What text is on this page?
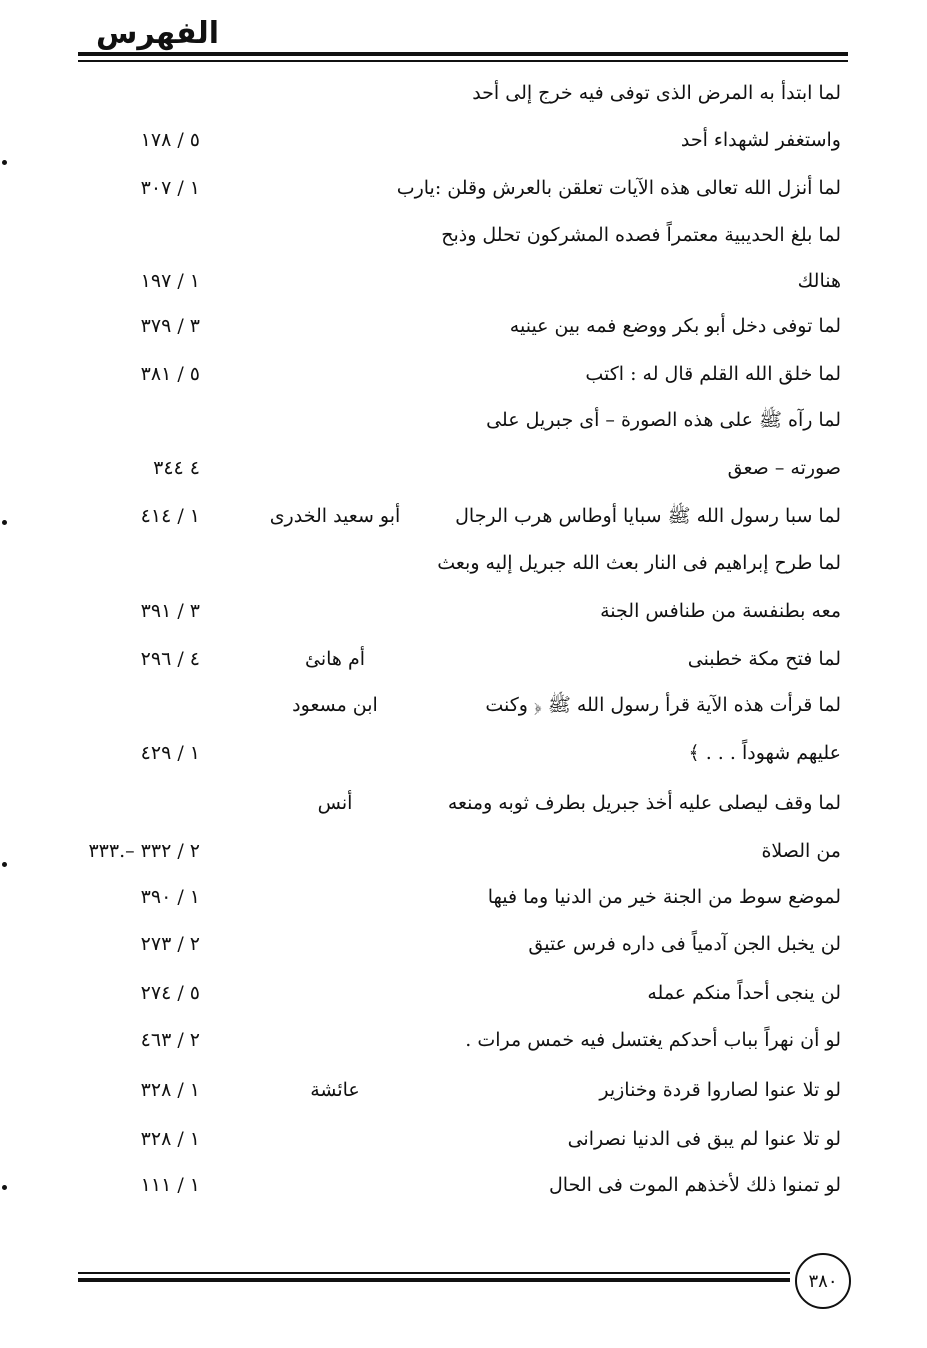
الفهرس
لما ابتدأ به المرض الذى توفى فيه خرج إلى أحد
واستغفر لشهداء أحد
٥ / ١٧٨
لما أنزل الله تعالى هذه الآيات تعلقن بالعرش وقلن :يارب
١ / ٣٠٧
لما بلغ الحديبية معتمراً فصده المشركون تحلل وذبح
هنالك
١ / ١٩٧
لما توفى دخل أبو بكر ووضع فمه بين عينيه
٣ / ٣٧٩
لما خلق الله القلم قال له : اكتب
٥ / ٣٨١
لما رآه ﷺ على هذه الصورة – أى جبريل على
صورته – صعق
٤ ٣٤٤
لما سبا رسول الله ﷺ سبايا أوطاس هرب الرجال
أبو سعيد الخدرى
١ / ٤١٤
لما طرح إبراهيم فى النار بعث الله جبريل إليه وبعث
معه بطنفسة من طنافس الجنة
٣ / ٣٩١
لما فتح مكة خطبنى
أم هانئ
٤ / ٢٩٦
لما قرأت هذه الآية قرأ رسول الله ﷺ ﴿ وكنت
ابن مسعود
عليهم شهوداً . . . ﴾
١ / ٤٢٩
لما وقف ليصلى عليه أخذ جبريل بطرف ثوبه ومنعه
أنس
من الصلاة
٢ / ٣٣٢ –.٣٣٣
لموضع سوط من الجنة خير من الدنيا وما فيها
١ / ٣٩٠
لن يخبل الجن آدمياً فى داره فرس عتيق
٢ / ٢٧٣
لن ينجى أحداً منكم عمله
٥ / ٢٧٤
لو أن نهراً بباب أحدكم يغتسل فيه خمس مرات .
٢ / ٤٦٣
لو تلا عنوا لصاروا قردة وخنازير
عائشة
١ / ٣٢٨
لو تلا عنوا لم يبق فى الدنيا نصرانى
١ / ٣٢٨
لو تمنوا ذلك لأخذهم الموت فى الحال
١ / ١١١
٣٨٠
